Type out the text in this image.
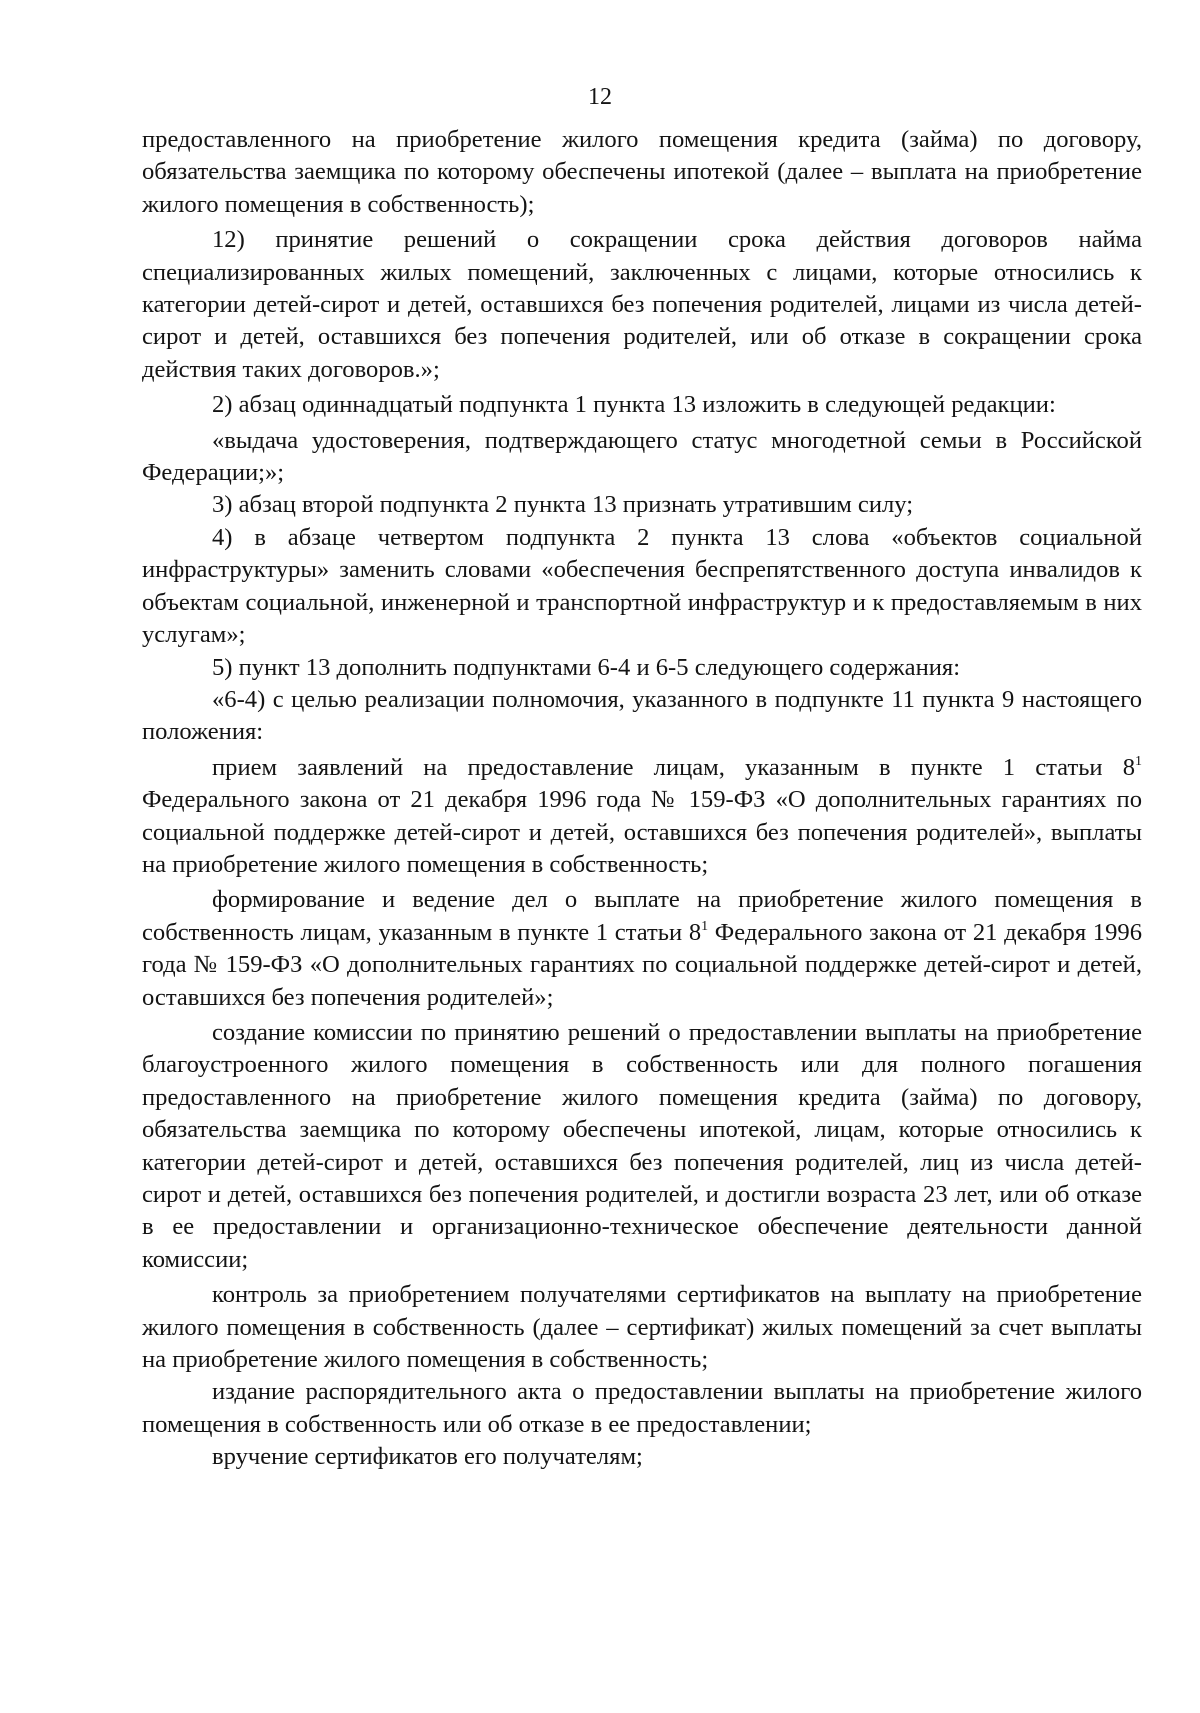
12

предоставленного на приобретение жилого помещения кредита (займа) по договору, обязательства заемщика по которому обеспечены ипотекой (далее – выплата на приобретение жилого помещения в собственность);

12) принятие решений о сокращении срока действия договоров найма специализированных жилых помещений, заключенных с лицами, которые относились к категории детей-сирот и детей, оставшихся без попечения родителей, лицами из числа детей-сирот и детей, оставшихся без попечения родителей, или об отказе в сокращении срока действия таких договоров.»;

2) абзац одиннадцатый подпункта 1 пункта 13 изложить в следующей редакции:

«выдача удостоверения, подтверждающего статус многодетной семьи в Российской Федерации;»;

3) абзац второй подпункта 2 пункта 13 признать утратившим силу;

4) в абзаце четвертом подпункта 2 пункта 13 слова «объектов социальной инфраструктуры» заменить словами «обеспечения беспрепятственного доступа инвалидов к объектам социальной, инженерной и транспортной инфраструктур и к предоставляемым в них услугам»;

5) пункт 13 дополнить подпунктами 6-4 и 6-5 следующего содержания:

«6-4) с целью реализации полномочия, указанного в подпункте 11 пункта 9 настоящего положения:

прием заявлений на предоставление лицам, указанным в пункте 1 статьи $8^1$ Федерального закона от 21 декабря 1996 года № 159-ФЗ «О дополнительных гарантиях по социальной поддержке детей-сирот и детей, оставшихся без попечения родителей», выплаты на приобретение жилого помещения в собственность;

формирование и ведение дел о выплате на приобретение жилого помещения в собственность лицам, указанным в пункте 1 статьи $8^1$ Федерального закона от 21 декабря 1996 года № 159-ФЗ «О дополнительных гарантиях по социальной поддержке детей-сирот и детей, оставшихся без попечения родителей»;

создание комиссии по принятию решений о предоставлении выплаты на приобретение благоустроенного жилого помещения в собственность или для полного погашения предоставленного на приобретение жилого помещения кредита (займа) по договору, обязательства заемщика по которому обеспечены ипотекой, лицам, которые относились к категории детей-сирот и детей, оставшихся без попечения родителей, лиц из числа детей-сирот и детей, оставшихся без попечения родителей, и достигли возраста 23 лет, или об отказе в ее предоставлении и организационно-техническое обеспечение деятельности данной комиссии;

контроль за приобретением получателями сертификатов на выплату на приобретение жилого помещения в собственность (далее – сертификат) жилых помещений за счет выплаты на приобретение жилого помещения в собственность;

издание распорядительного акта о предоставлении выплаты на приобретение жилого помещения в собственность или об отказе в ее предоставлении;

вручение сертификатов его получателям;
